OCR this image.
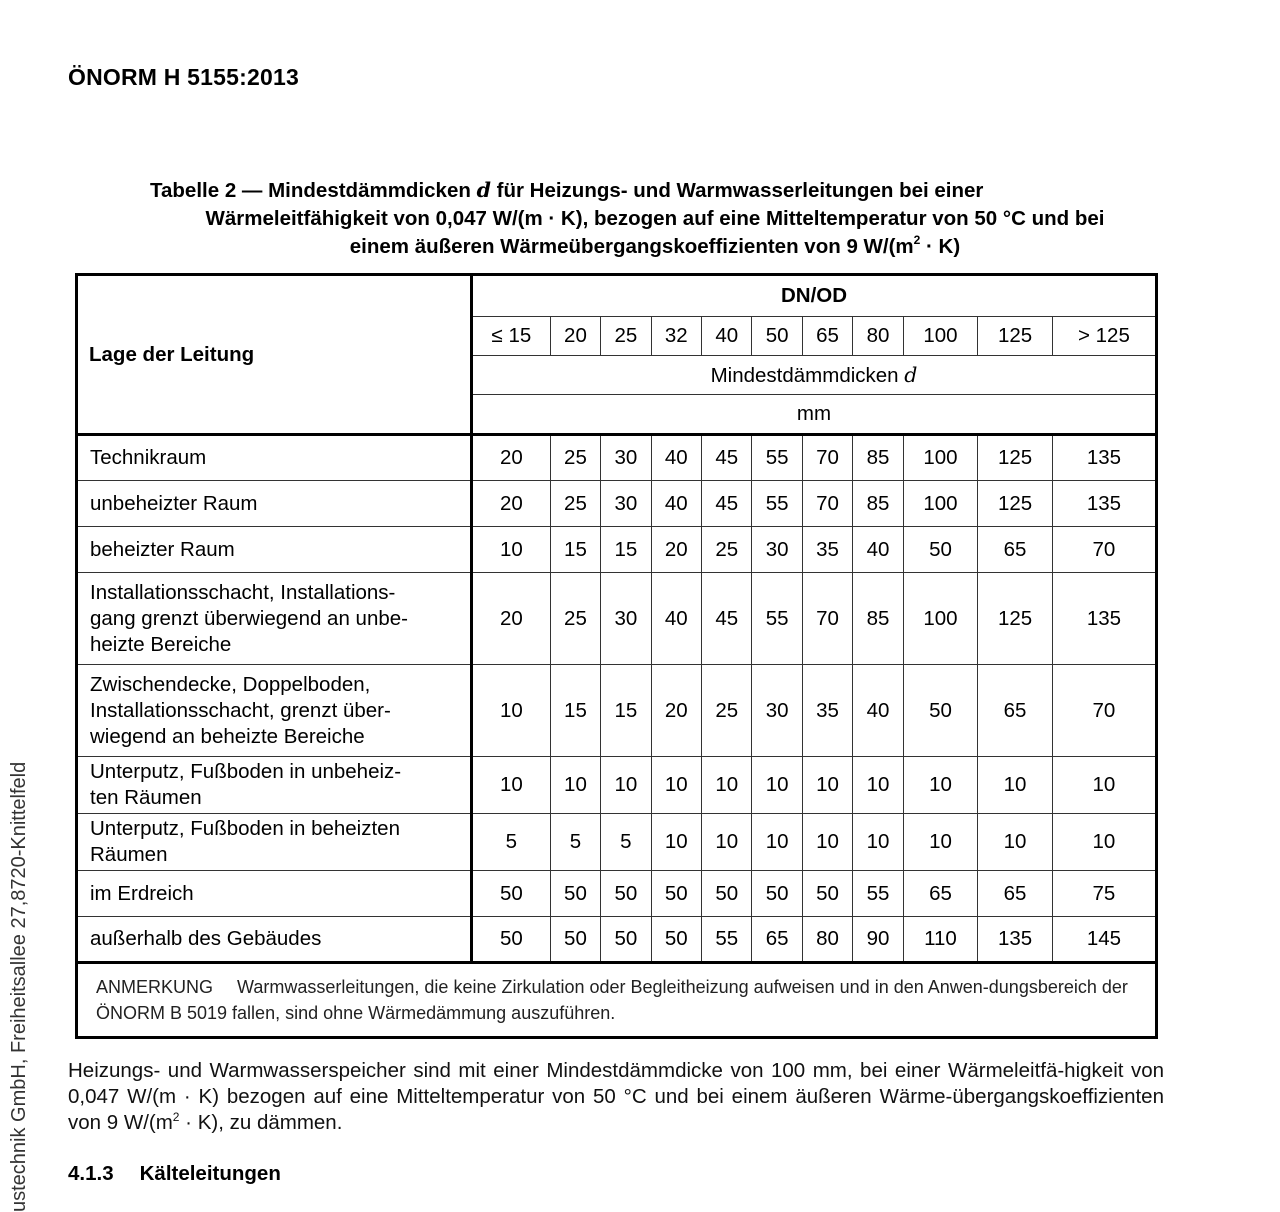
ÖNORM H 5155:2013
Tabelle 2 — Mindestdämmdicken d für Heizungs- und Warmwasserleitungen bei einer
Wärmeleitfähigkeit von 0,047 W/(m · K), bezogen auf eine Mitteltemperatur von 50 °C und bei
einem äußeren Wärmeübergangskoeffizienten von 9 $W/(m^2 \cdot K)$
Lage der Leitung	DN/OD										
	≤ 15	20	25	32	40	50	65	80	100	125	> 125
	Mindestdämmdicken d										
	mm										
Technikraum	20	25	30	40	45	55	70	85	100	125	135
unbeheizter Raum	20	25	30	40	45	55	70	85	100	125	135
beheizter Raum	10	15	15	20	25	30	35	40	50	65	70
Installationsschacht, Installations-
gang grenzt überwiegend an unbe-
heizte Bereiche	20	25	30	40	45	55	70	85	100	125	135
Zwischendecke, Doppelboden,
Installationsschacht, grenzt über-
wiegend an beheizte Bereiche	10	15	15	20	25	30	35	40	50	65	70
Unterputz, Fußboden in unbeheiz-
ten Räumen	10	10	10	10	10	10	10	10	10	10	10
Unterputz, Fußboden in beheizten
Räumen	5	5	5	10	10	10	10	10	10	10	10
im Erdreich	50	50	50	50	50	50	50	55	65	65	75
außerhalb des Gebäudes	50	50	50	50	55	65	80	90	110	135	145
ANMERKUNG Warmwasserleitungen, die keine Zirkulation oder Begleitheizung aufweisen und in den Anwen-dungsbereich der ÖNORM B 5019 fallen, sind ohne Wärmedämmung auszuführen.											
Heizungs- und Warmwasserspeicher sind mit einer Mindestdämmdicke von 100 mm, bei einer Wärmeleitfä-higkeit von 0,047 W/(m · K) bezogen auf eine Mitteltemperatur von 50 °C und bei einem äußeren Wärme-übergangskoeffizienten von 9 $W/(m^2 \cdot K)$, zu dämmen.
4.1.3 Kälteleitungen
ustechnik GmbH, Freiheitsallee 27,8720-Knittelfeld
